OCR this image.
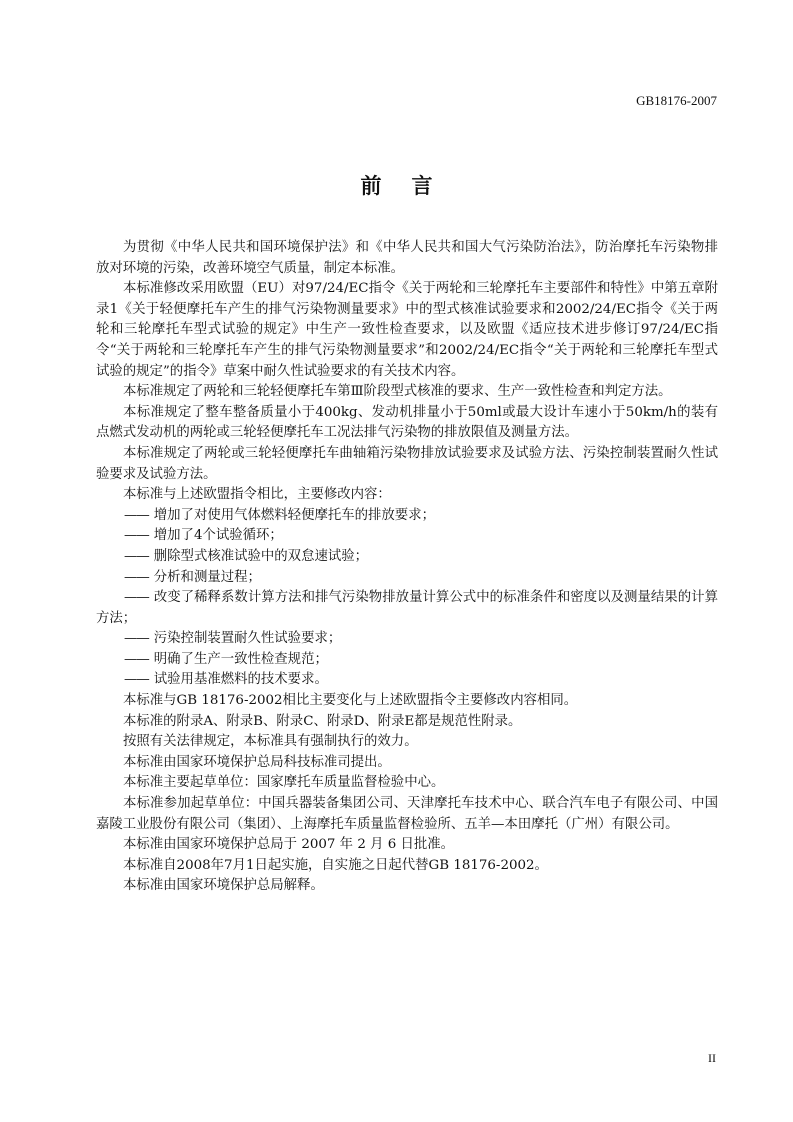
GB18176-2007
前言

为贯彻《中华人民共和国环境保护法》和《中华人民共和国大气污染防治法》，防治摩托车污染物排放对环境的污染，改善环境空气质量，制定本标准。

本标准修改采用欧盟（EU）对97/24/EC指令《关于两轮和三轮摩托车主要部件和特性》中第五章附录1《关于轻便摩托车产生的排气污染物测量要求》中的型式核准试验要求和2002/24/EC指令《关于两轮和三轮摩托车型式试验的规定》中生产一致性检查要求，以及欧盟《适应技术进步修订97/24/EC指令“关于两轮和三轮摩托车产生的排气污染物测量要求”和2002/24/EC指令“关于两轮和三轮摩托车型式试验的规定”的指令》草案中耐久性试验要求的有关技术内容。

本标准规定了两轮和三轮轻便摩托车第Ⅲ阶段型式核准的要求、生产一致性检查和判定方法。

本标准规定了整车整备质量小于400kg、发动机排量小于50ml或最大设计车速小于50km/h的装有点燃式发动机的两轮或三轮轻便摩托车工况法排气污染物的排放限值及测量方法。

本标准规定了两轮或三轮轻便摩托车曲轴箱污染物排放试验要求及试验方法、污染控制装置耐久性试验要求及试验方法。

本标准与上述欧盟指令相比，主要修改内容：

—— 增加了对使用气体燃料轻便摩托车的排放要求；

—— 增加了4个试验循环；

—— 删除型式核准试验中的双怠速试验；

—— 分析和测量过程；

—— 改变了稀释系数计算方法和排气污染物排放量计算公式中的标准条件和密度以及测量结果的计算方法；

—— 污染控制装置耐久性试验要求；

—— 明确了生产一致性检查规范；

—— 试验用基准燃料的技术要求。

本标准与GB 18176-2002相比主要变化与上述欧盟指令主要修改内容相同。

本标准的附录A、附录B、附录C、附录D、附录E都是规范性附录。

按照有关法律规定，本标准具有强制执行的效力。

本标准由国家环境保护总局科技标准司提出。

本标准主要起草单位：国家摩托车质量监督检验中心。

本标准参加起草单位：中国兵器装备集团公司、天津摩托车技术中心、联合汽车电子有限公司、中国嘉陵工业股份有限公司（集团）、上海摩托车质量监督检验所、五羊—本田摩托（广州）有限公司。

本标准由国家环境保护总局于 2007 年 2 月 6 日批准。

本标准自2008年7月1日起实施，自实施之日起代替GB 18176-2002。

本标准由国家环境保护总局解释。

II
